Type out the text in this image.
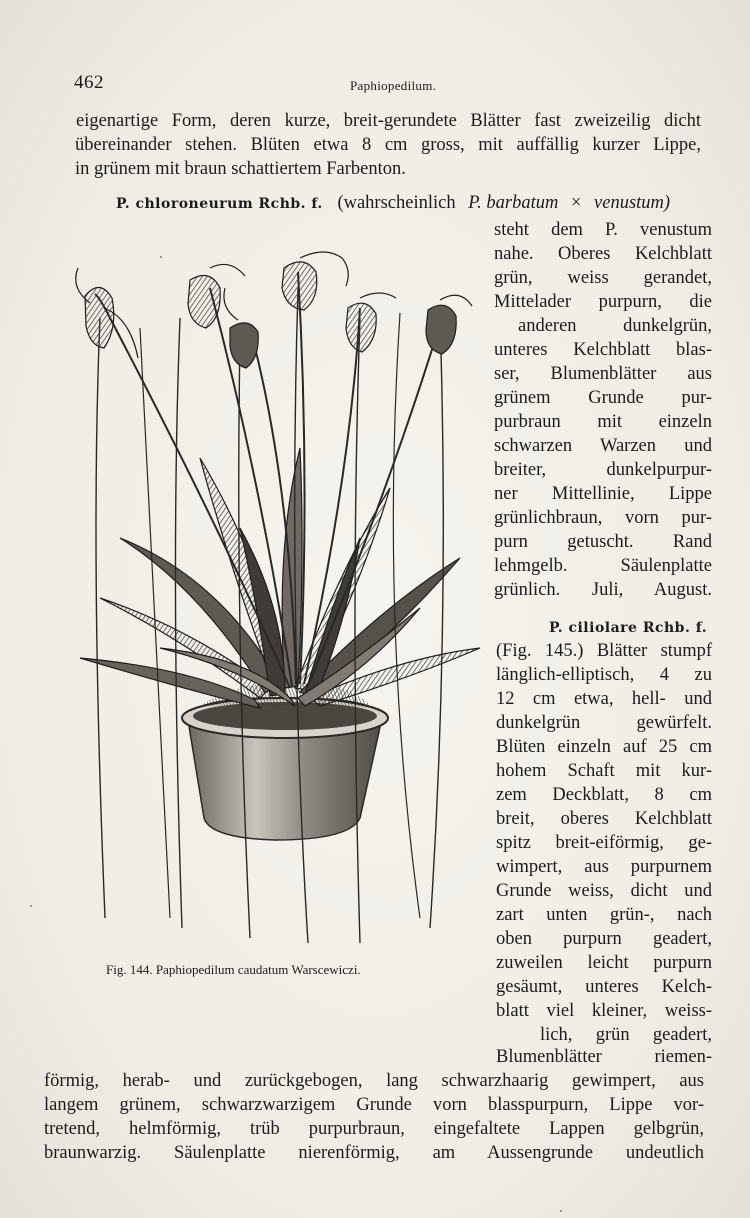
462	Paphiopedilum.
eigenartige Form, deren kurze, breit-gerundete Blätter fast zweizeilig dicht
übereinander stehen. Blüten etwa 8 cm gross, mit auffällig kurzer Lippe,
in grünem mit braun schattiertem Farbenton.
P. chloroneurum Rchb. f. (wahrscheinlich P. barbatum × venustum)
steht dem P. venustum
nahe. Oberes Kelchblatt
grün, weiss gerandet,
Mittelader purpurn, die
anderen dunkelgrün,
unteres Kelchblatt blas-
ser, Blumenblätter aus
grünem Grunde pur-
purbraun mit einzeln
schwarzen Warzen und
breiter, dunkelpurpur-
ner Mittellinie, Lippe
grünlichbraun, vorn pur-
purn getuscht. Rand
lehmgelb. Säulenplatte
grünlich. Juli, August.
P. ciliolare Rchb. f.
(Fig. 145.) Blätter stumpf
länglich-elliptisch, 4 zu
12 cm etwa, hell- und
dunkelgrün gewürfelt.
Blüten einzeln auf 25 cm
hohem Schaft mit kur-
zem Deckblatt, 8 cm
breit, oberes Kelchblatt
spitz breit-eiförmig, ge-
wimpert, aus purpurnem
Grunde weiss, dicht und
zart unten grün-, nach
oben purpurn geadert,
zuweilen leicht purpurn
gesäumt, unteres Kelch-
blatt viel kleiner, weiss-
lich, grün geadert,
Blumenblätter riemen-
förmig, herab- und zurückgebogen, lang schwarzhaarig gewimpert, aus
langem grünem, schwarzwarzigem Grunde vorn blasspurpurn, Lippe vor-
tretend, helmförmig, trüb purpurbraun, eingefaltete Lappen gelbgrün,
braunwarzig. Säulenplatte nierenförmig, am Aussengrunde undeutlich
Fig. 144. Paphiopedilum caudatum Warscewiczi.
